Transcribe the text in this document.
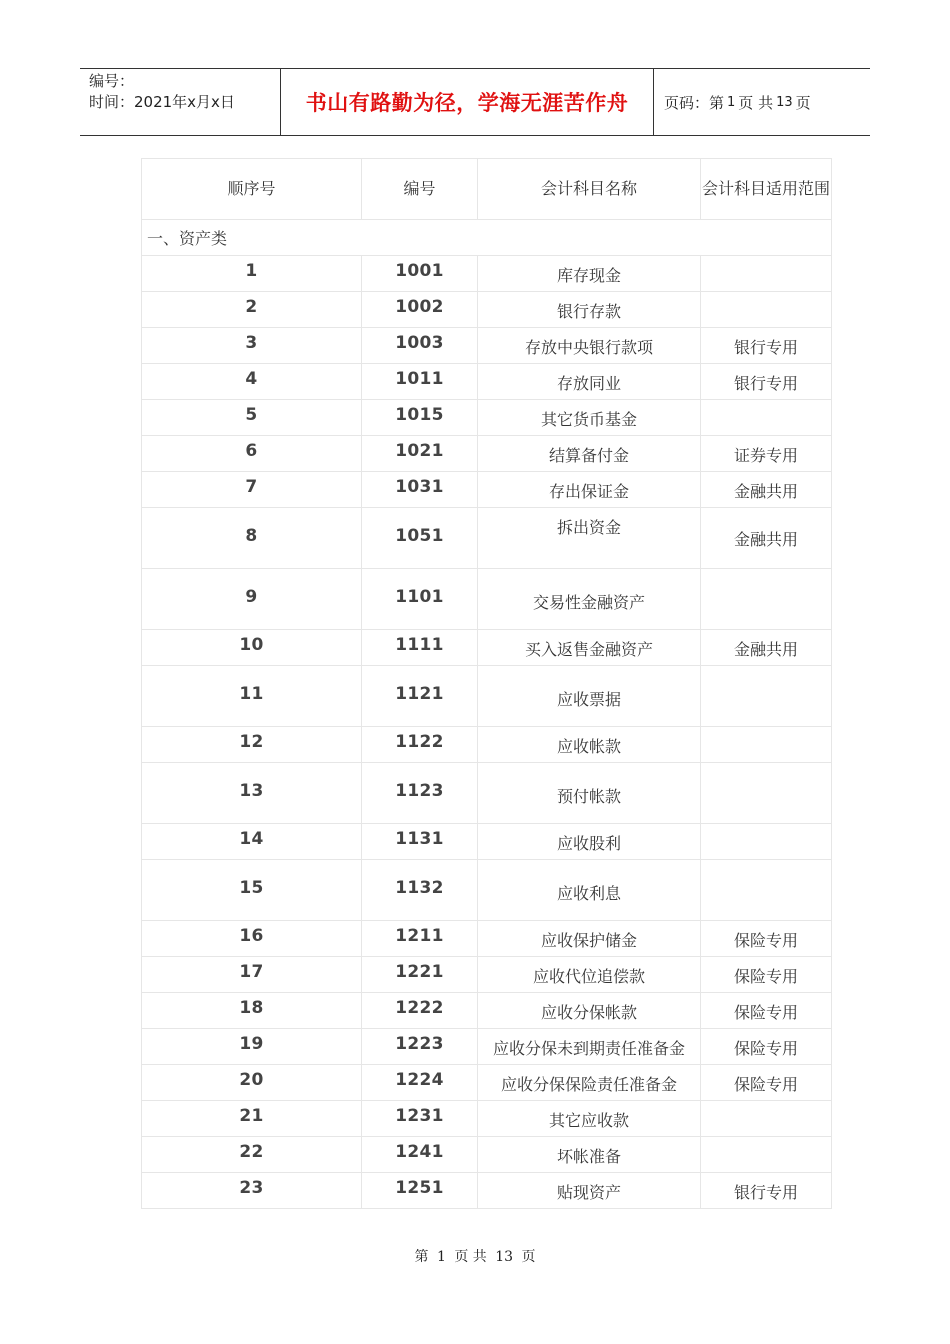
编号：
时间：2021年x月x日	书山有路勤为径，学海无涯苦作舟 页码：第 1 页 共 13 页
顺序号	编号	会计科目名称	会计科目适用范围
一、资产类			

1	1001	库存现金	

2	1002	银行存款	

3	1003	存放中央银行款项	银行专用

4	1011	存放同业	银行专用

5	1015	其它货币基金	

6	1021	结算备付金	证券专用

7	1031	存出保证金	金融共用

8	1051	拆出资金	金融共用

9	1101	交易性金融资产	

10	1111	买入返售金融资产	金融共用

11	1121	应收票据	

12	1122	应收帐款	

13	1123	预付帐款	

14	1131	应收股利	

15	1132	应收利息	

16	1211	应收保护储金	保险专用

17	1221	应收代位追偿款	保险专用

18	1222	应收分保帐款	保险专用

19	1223	应收分保未到期责任准备金	保险专用

20	1224	应收分保保险责任准备金	保险专用

21	1231	其它应收款	

22	1241	坏帐准备	

23	1251	贴现资产	银行专用
第 1 页 共 13 页
